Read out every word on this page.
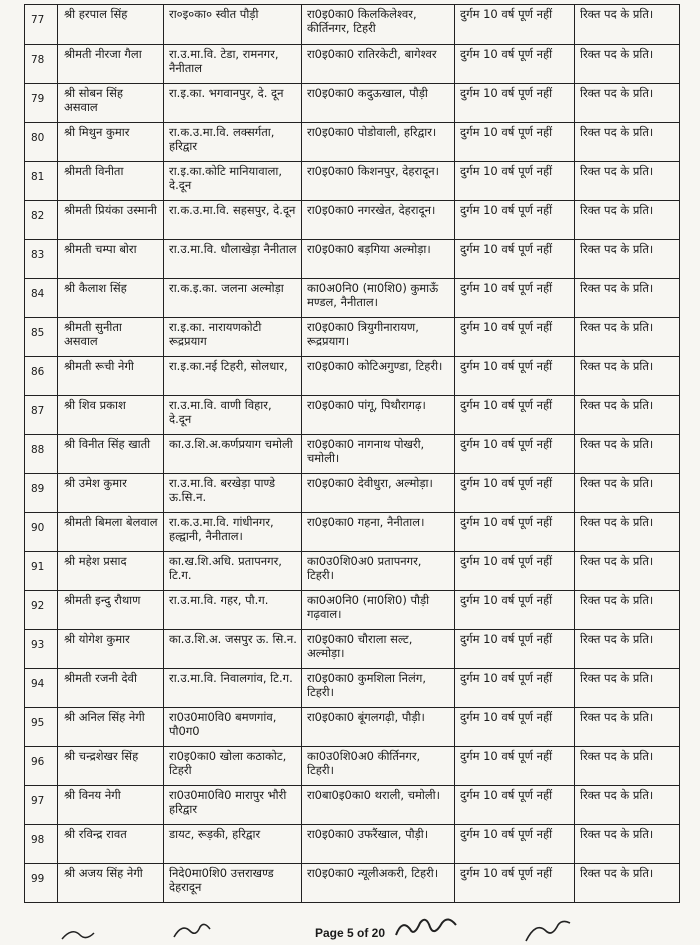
77	श्री हरपाल सिंह	रा०इ०का० स्वीत पौड़ी	रा0इ0का0 किलकिलेश्वर, कीर्तिनगर, टिहरी	दुर्गम 10 वर्ष पूर्ण नहीं	रिक्त पद के प्रति।
78	श्रीमती नीरजा गैला	रा.उ.मा.वि. टेडा, रामनगर, नैनीताल	रा0इ0का0 रातिरकेटी, बागेश्वर	दुर्गम 10 वर्ष पूर्ण नहीं	रिक्त पद के प्रति।
79	श्री सोबन सिंह असवाल	रा.इ.का. भगवानपुर, दे. दून	रा0इ0का0 कदुऊखाल, पौड़ी	दुर्गम 10 वर्ष पूर्ण नहीं	रिक्त पद के प्रति।
80	श्री मिथुन कुमार	रा.क.उ.मा.वि. लक्सर्गता, हरिद्वार	रा0इ0का0 पोडोवाली, हरिद्वार।	दुर्गम 10 वर्ष पूर्ण नहीं	रिक्त पद के प्रति।
81	श्रीमती विनीता	रा.इ.का.कोटि मानियावाला, दे.दून	रा0इ0का0 किशनपुर, देहरादून।	दुर्गम 10 वर्ष पूर्ण नहीं	रिक्त पद के प्रति।
82	श्रीमती प्रियंका उस्मानी	रा.क.उ.मा.वि. सहसपुर, दे.दून	रा0इ0का0 नगरखेत, देहरादून।	दुर्गम 10 वर्ष पूर्ण नहीं	रिक्त पद के प्रति।
83	श्रीमती चम्पा बोरा	रा.उ.मा.वि. धौलाखेड़ा नैनीताल	रा0इ0का0 बड़गिया अल्मोड़ा।	दुर्गम 10 वर्ष पूर्ण नहीं	रिक्त पद के प्रति।
84	श्री कैलाश सिंह	रा.क.इ.का. जलना अल्मोड़ा	का0अ0नि0 (मा0शि0) कुमाऊँ मण्डल, नैनीताल।	दुर्गम 10 वर्ष पूर्ण नहीं	रिक्त पद के प्रति।
85	श्रीमती सुनीता असवाल	रा.इ.का. नारायणकोटी रूद्रप्रयाग	रा0इ0का0 त्रियुगीनारायण, रूद्रप्रयाग।	दुर्गम 10 वर्ष पूर्ण नहीं	रिक्त पद के प्रति।
86	श्रीमती रूची नेगी	रा.इ.का.नई टिहरी, सोलधार,	रा0इ0का0 कोटिअगुण्डा, टिहरी।	दुर्गम 10 वर्ष पूर्ण नहीं	रिक्त पद के प्रति।
87	श्री शिव प्रकाश	रा.उ.मा.वि. वाणी विहार, दे.दून	रा0इ0का0 पांगू, पिथौरागढ़।	दुर्गम 10 वर्ष पूर्ण नहीं	रिक्त पद के प्रति।
88	श्री विनीत सिंह खाती	का.उ.शि.अ.कर्णप्रयाग चमोली	रा0इ0का0 नागनाथ पोखरी, चमोली।	दुर्गम 10 वर्ष पूर्ण नहीं	रिक्त पद के प्रति।
89	श्री उमेश कुमार	रा.उ.मा.वि. बरखेड़ा पाण्डे ऊ.सि.न.	रा0इ0का0 देवीधुरा, अल्मोड़ा।	दुर्गम 10 वर्ष पूर्ण नहीं	रिक्त पद के प्रति।
90	श्रीमती बिमला बेलवाल	रा.क.उ.मा.वि. गांधीनगर, हल्द्वानी, नैनीताल।	रा0इ0का0 गहना, नैनीताल।	दुर्गम 10 वर्ष पूर्ण नहीं	रिक्त पद के प्रति।
91	श्री महेश प्रसाद	का.ख.शि.अधि. प्रतापनगर, टि.ग.	का0उ0शि0अ0 प्रतापनगर, टिहरी।	दुर्गम 10 वर्ष पूर्ण नहीं	रिक्त पद के प्रति।
92	श्रीमती इन्दु रौथाण	रा.उ.मा.वि. गहर, पौ.ग.	का0अ0नि0 (मा0शि0) पौड़ी गढ़वाल।	दुर्गम 10 वर्ष पूर्ण नहीं	रिक्त पद के प्रति।
93	श्री योगेश कुमार	का.उ.शि.अ. जसपुर ऊ. सि.न.	रा0इ0का0 चौराला सल्ट, अल्मोड़ा।	दुर्गम 10 वर्ष पूर्ण नहीं	रिक्त पद के प्रति।
94	श्रीमती रजनी देवी	रा.उ.मा.वि. निवालगांव, टि.ग.	रा0इ0का0 कुमशिला निलंग, टिहरी।	दुर्गम 10 वर्ष पूर्ण नहीं	रिक्त पद के प्रति।
95	श्री अनिल सिंह नेगी	रा0उ0मा0वि0 बमणगांव, पौ0ग0	रा0इ0का0 बूंगलगढ़ी, पौड़ी।	दुर्गम 10 वर्ष पूर्ण नहीं	रिक्त पद के प्रति।
96	श्री चन्द्रशेखर सिंह	रा0इ0का0 खोला कठाकोट, टिहरी	का0उ0शि0अ0 कीर्तिनगर, टिहरी।	दुर्गम 10 वर्ष पूर्ण नहीं	रिक्त पद के प्रति।
97	श्री विनय नेगी	रा0उ0मा0वि0 मारापुर भौरी हरिद्वार	रा0बा0इ0का0 थराली, चमोली।	दुर्गम 10 वर्ष पूर्ण नहीं	रिक्त पद के प्रति।
98	श्री रविन्द्र रावत	डायट, रूड़की, हरिद्वार	रा0इ0का0 उफरैंखाल, पौड़ी।	दुर्गम 10 वर्ष पूर्ण नहीं	रिक्त पद के प्रति।
99	श्री अजय सिंह नेगी	निदे0मा0शि0 उत्तराखण्ड देहरादून	रा0इ0का0 न्यूलीअकरी, टिहरी।	दुर्गम 10 वर्ष पूर्ण नहीं	रिक्त पद के प्रति।
Page 5 of 20
